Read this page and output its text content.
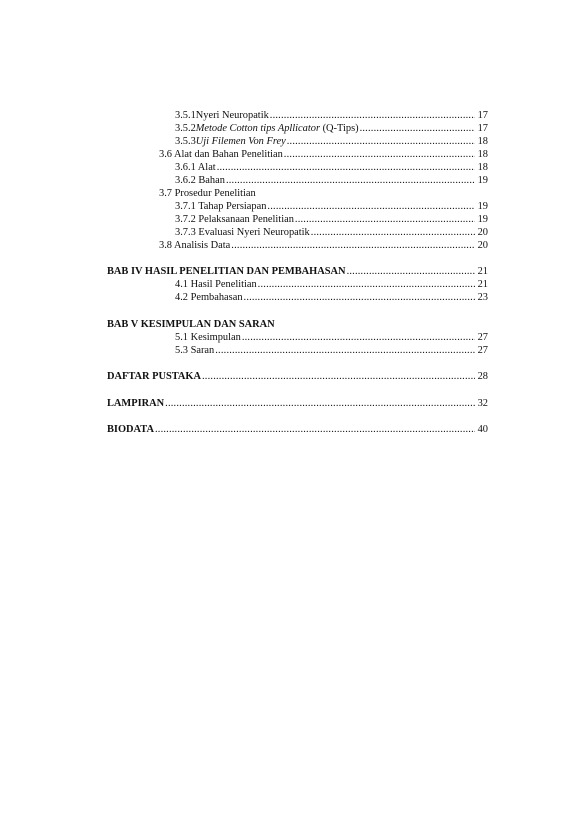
3.5.1 Nyeri Neuropatik .....	17
3.5.2 Metode Cotton tips Apllicator (Q-Tips) .....	17
3.5.3 Uji Filemen Von Frey .....	18
3.6 Alat dan Bahan Penelitian .....	18
3.6.1 Alat .....	18
3.6.2 Bahan .....	19
3.7 Prosedur Penelitian
3.7.1 Tahap Persiapan .....	19
3.7.2 Pelaksanaan Penelitian .....	19
3.7.3 Evaluasi Nyeri Neuropatik .....	20
3.8 Analisis Data .....	20
BAB IV HASIL PENELITIAN DAN PEMBAHASAN .....	21
4.1 Hasil Penelitian .....	21
4.2 Pembahasan .....	23
BAB V KESIMPULAN DAN SARAN
5.1 Kesimpulan .....	27
5.3 Saran .....	27
DAFTAR PUSTAKA .....	28
LAMPIRAN .....	32
BIODATA .....	40
